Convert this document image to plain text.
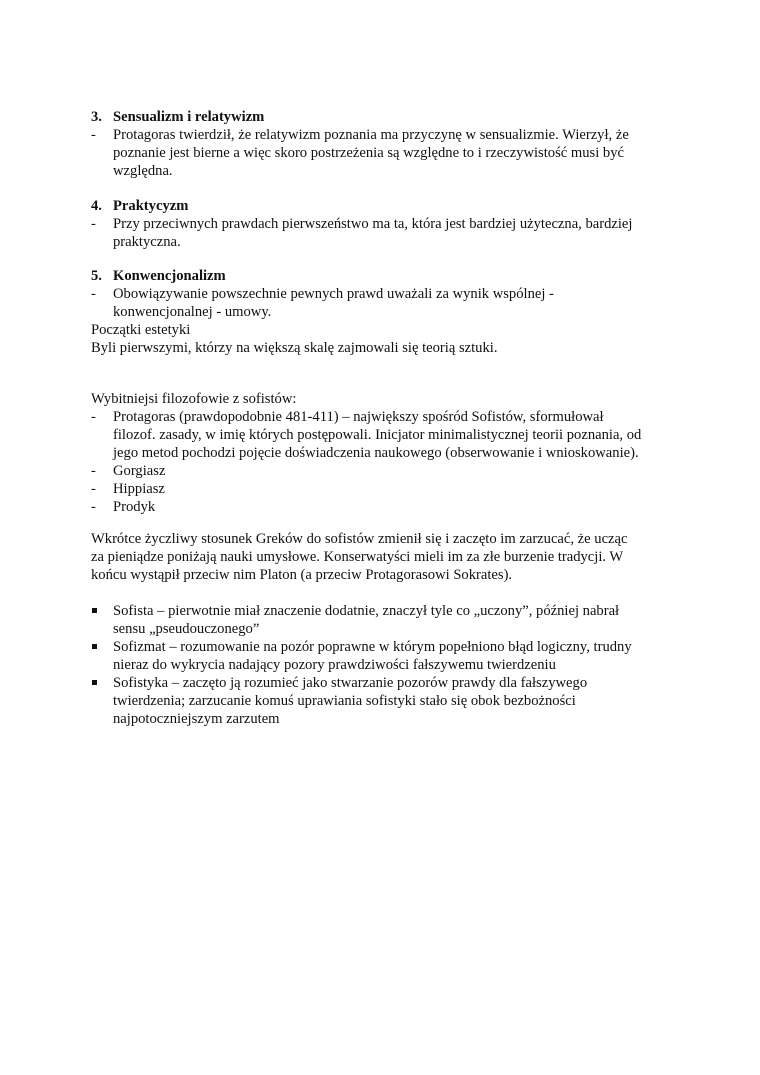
3. Sensualizm i relatywizm
- Protagoras twierdził, że relatywizm poznania ma przyczynę w sensualizmie. Wierzył, że
poznanie jest bierne a więc skoro postrzeżenia są względne to i rzeczywistość musi być
względna.
4. Praktycyzm
- Przy przeciwnych prawdach pierwszeństwo ma ta, która jest bardziej użyteczna, bardziej
praktyczna.
5. Konwencjonalizm
- Obowiązywanie powszechnie pewnych prawd uważali za wynik wspólnej -
konwencjonalnej - umowy.
Początki estetyki
Byli pierwszymi, którzy na większą skalę zajmowali się teorią sztuki.
Wybitniejsi filozofowie z sofistów:
- Protagoras (prawdopodobnie 481-411) – największy spośród Sofistów, sformułował
filozof. zasady, w imię których postępowali. Inicjator minimalistycznej teorii poznania, od
jego metod pochodzi pojęcie doświadczenia naukowego (obserwowanie i wnioskowanie).
- Gorgiasz
- Hippiasz
- Prodyk
Wkrótce życzliwy stosunek Greków do sofistów zmienił się i zaczęto im zarzucać, że ucząc
za pieniądze poniżają nauki umysłowe. Konserwatyści mieli im za złe burzenie tradycji. W
końcu wystąpił przeciw nim Platon (a przeciw Protagorasowi Sokrates).
Sofista – pierwotnie miał znaczenie dodatnie, znaczył tyle co „uczony”, później nabrał
sensu „pseudouczonego”
Sofizmat – rozumowanie na pozór poprawne w którym popełniono błąd logiczny, trudny
nieraz do wykrycia nadający pozory prawdziwości fałszywemu twierdzeniu
Sofistyka – zaczęto ją rozumieć jako stwarzanie pozorów prawdy dla fałszywego
twierdzenia; zarzucanie komuś uprawiania sofistyki stało się obok bezbożności
najpotoczniejszym zarzutem
